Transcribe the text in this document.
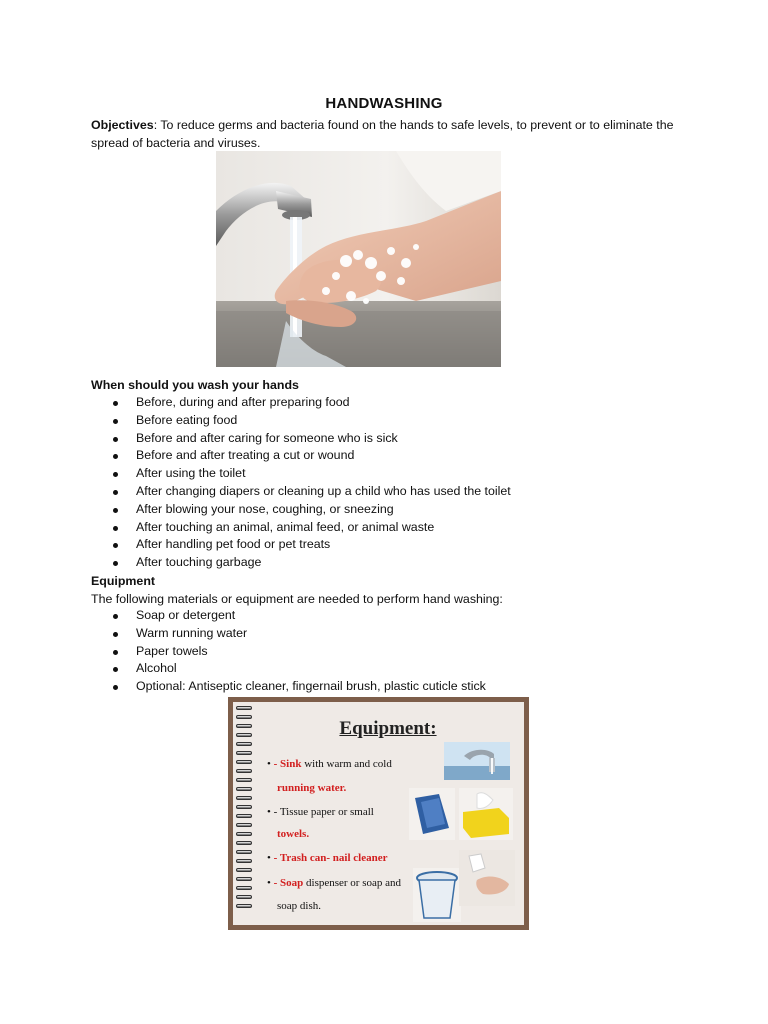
HANDWASHING
Objectives: To reduce germs and bacteria found on the hands to safe levels, to prevent or to eliminate the spread of bacteria and viruses.
When should you wash your hands
Before, during and after preparing food
Before eating food
Before and after caring for someone who is sick
Before and after treating a cut or wound
After using the toilet
After changing diapers or cleaning up a child who has used the toilet
After blowing your nose, coughing, or sneezing
After touching an animal, animal feed, or animal waste
After handling pet food or pet treats
After touching garbage
Equipment
The following materials or equipment are needed to perform hand washing:
Soap or detergent
Warm running water
Paper towels
Alcohol
Optional: Antiseptic cleaner, fingernail brush, plastic cuticle stick
Equipment:
• - Sink with warm and cold
running water.
• - Tissue paper or small
towels.
• - Trash can- nail cleaner
• - Soap dispenser or soap and
soap dish.
